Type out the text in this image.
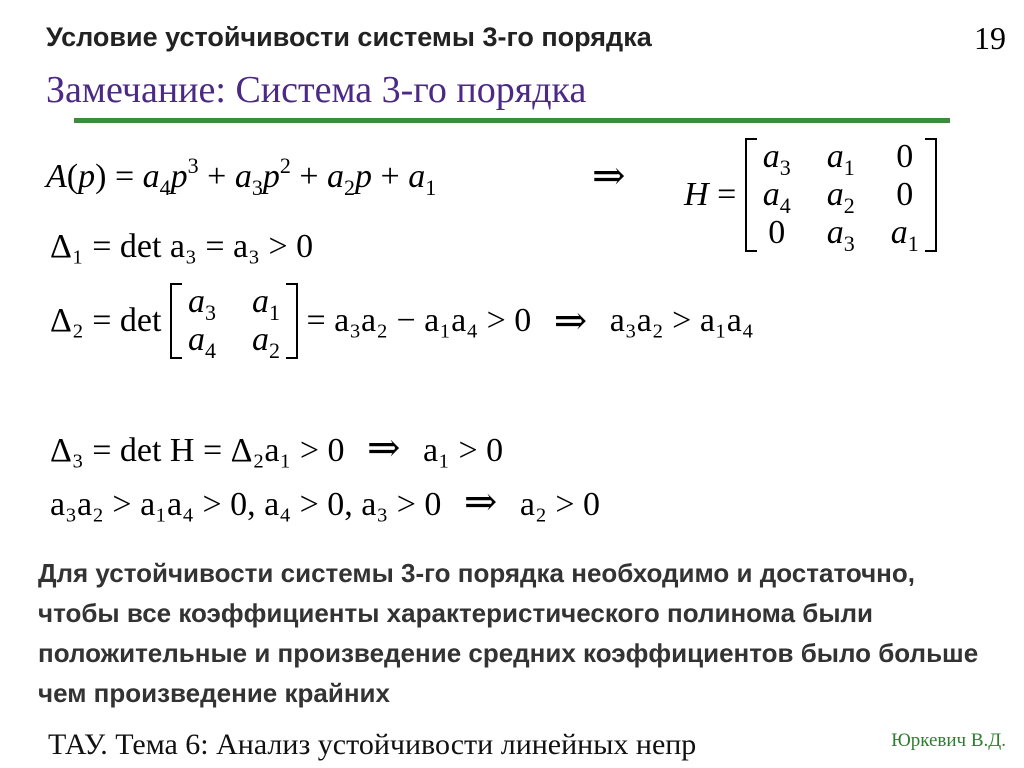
Условие устойчивости системы 3-го порядка	19
Замечание: Система 3-го порядка
$A(p) = a_4p^3 + a_3p^2 + a_2p + a_1$	⇒ H =
$a_3$	$a_1$	0
$a_4$	$a_2$	0
0	$a_3$	$a_1$
Δ₁ = det a₃ = a₃ > 0
Δ₂ = det
$a_3$	$a_1$
$a_4$	$a_2$
= a₃a₂ − a₁a₄ > 0 ⇒ a₃a₂ > a₁a₄
Δ₃ = det H = Δ₂a₁ > 0 ⇒ a₁ > 0
a₃a₂ > a₁a₄ > 0, a₄ > 0, a₃ > 0 ⇒ a₂ > 0
Для устойчивости системы 3-го порядка необходимо и достаточно, чтобы все коэффициенты характеристического полинома были положительные и произведение средних коэффициентов было больше чем произведение крайних
ТАУ. Тема 6: Анализ устойчивости линейных непр	Юркевич В.Д.
